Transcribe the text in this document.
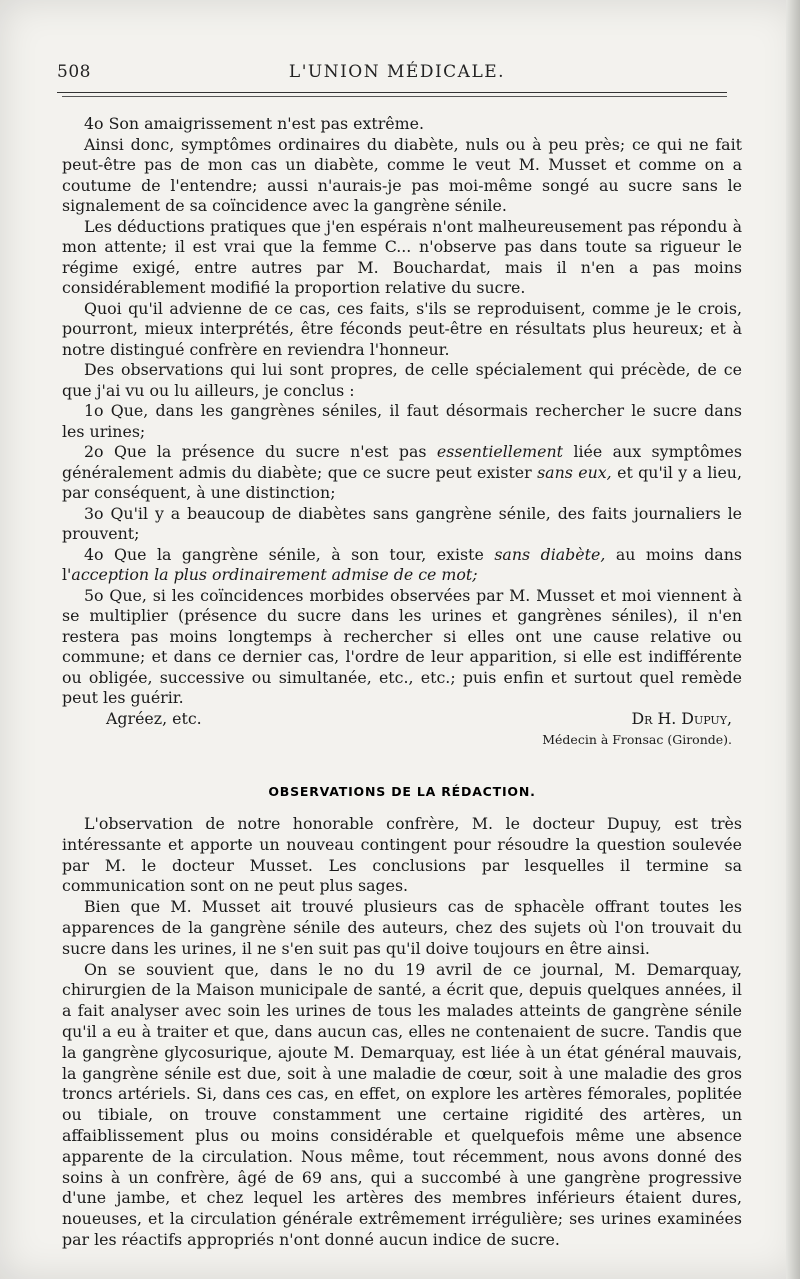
508	L'UNION MÉDICALE.

4o Son amaigrissement n'est pas extrême.

Ainsi donc, symptômes ordinaires du diabète, nuls ou à peu près; ce qui ne fait peut-être pas de mon cas un diabète, comme le veut M. Musset et comme on a coutume de l'entendre; aussi n'aurais-je pas moi-même songé au sucre sans le signalement de sa coïncidence avec la gangrène sénile.

Les déductions pratiques que j'en espérais n'ont malheureusement pas répondu à mon attente; il est vrai que la femme C... n'observe pas dans toute sa rigueur le régime exigé, entre autres par M. Bouchardat, mais il n'en a pas moins considérablement modifié la proportion relative du sucre.

Quoi qu'il advienne de ce cas, ces faits, s'ils se reproduisent, comme je le crois, pourront, mieux interprétés, être féconds peut-être en résultats plus heureux; et à notre distingué confrère en reviendra l'honneur.

Des observations qui lui sont propres, de celle spécialement qui précède, de ce que j'ai vu ou lu ailleurs, je conclus :

1o Que, dans les gangrènes séniles, il faut désormais rechercher le sucre dans les urines;

2o Que la présence du sucre n'est pas essentiellement liée aux symptômes généralement admis du diabète; que ce sucre peut exister sans eux, et qu'il y a lieu, par conséquent, à une distinction;

3o Qu'il y a beaucoup de diabètes sans gangrène sénile, des faits journaliers le prouvent;

4o Que la gangrène sénile, à son tour, existe sans diabète, au moins dans l'acception la plus ordinairement admise de ce mot;

5o Que, si les coïncidences morbides observées par M. Musset et moi viennent à se multiplier (présence du sucre dans les urines et gangrènes séniles), il n'en restera pas moins longtemps à rechercher si elles ont une cause relative ou commune; et dans ce dernier cas, l'ordre de leur apparition, si elle est indifférente ou obligée, successive ou simultanée, etc., etc.; puis enfin et surtout quel remède peut les guérir.

Agréez, etc.	Dr H. Dupuy,

Médecin à Fronsac (Gironde).
OBSERVATIONS DE LA RÉDACTION.

L'observation de notre honorable confrère, M. le docteur Dupuy, est très intéressante et apporte un nouveau contingent pour résoudre la question soulevée par M. le docteur Musset. Les conclusions par lesquelles il termine sa communication sont on ne peut plus sages.

Bien que M. Musset ait trouvé plusieurs cas de sphacèle offrant toutes les apparences de la gangrène sénile des auteurs, chez des sujets où l'on trouvait du sucre dans les urines, il ne s'en suit pas qu'il doive toujours en être ainsi.

On se souvient que, dans le no du 19 avril de ce journal, M. Demarquay, chirurgien de la Maison municipale de santé, a écrit que, depuis quelques années, il a fait analyser avec soin les urines de tous les malades atteints de gangrène sénile qu'il a eu à traiter et que, dans aucun cas, elles ne contenaient de sucre. Tandis que la gangrène glycosurique, ajoute M. Demarquay, est liée à un état général mauvais, la gangrène sénile est due, soit à une maladie de cœur, soit à une maladie des gros troncs artériels. Si, dans ces cas, en effet, on explore les artères fémorales, poplitée ou tibiale, on trouve constamment une certaine rigidité des artères, un affaiblissement plus ou moins considérable et quelquefois même une absence apparente de la circulation. Nous même, tout récemment, nous avons donné des soins à un confrère, âgé de 69 ans, qui a succombé à une gangrène progressive d'une jambe, et chez lequel les artères des membres inférieurs étaient dures, noueuses, et la circulation générale extrêmement irrégulière; ses urines examinées par les réactifs appropriés n'ont donné aucun indice de sucre.
